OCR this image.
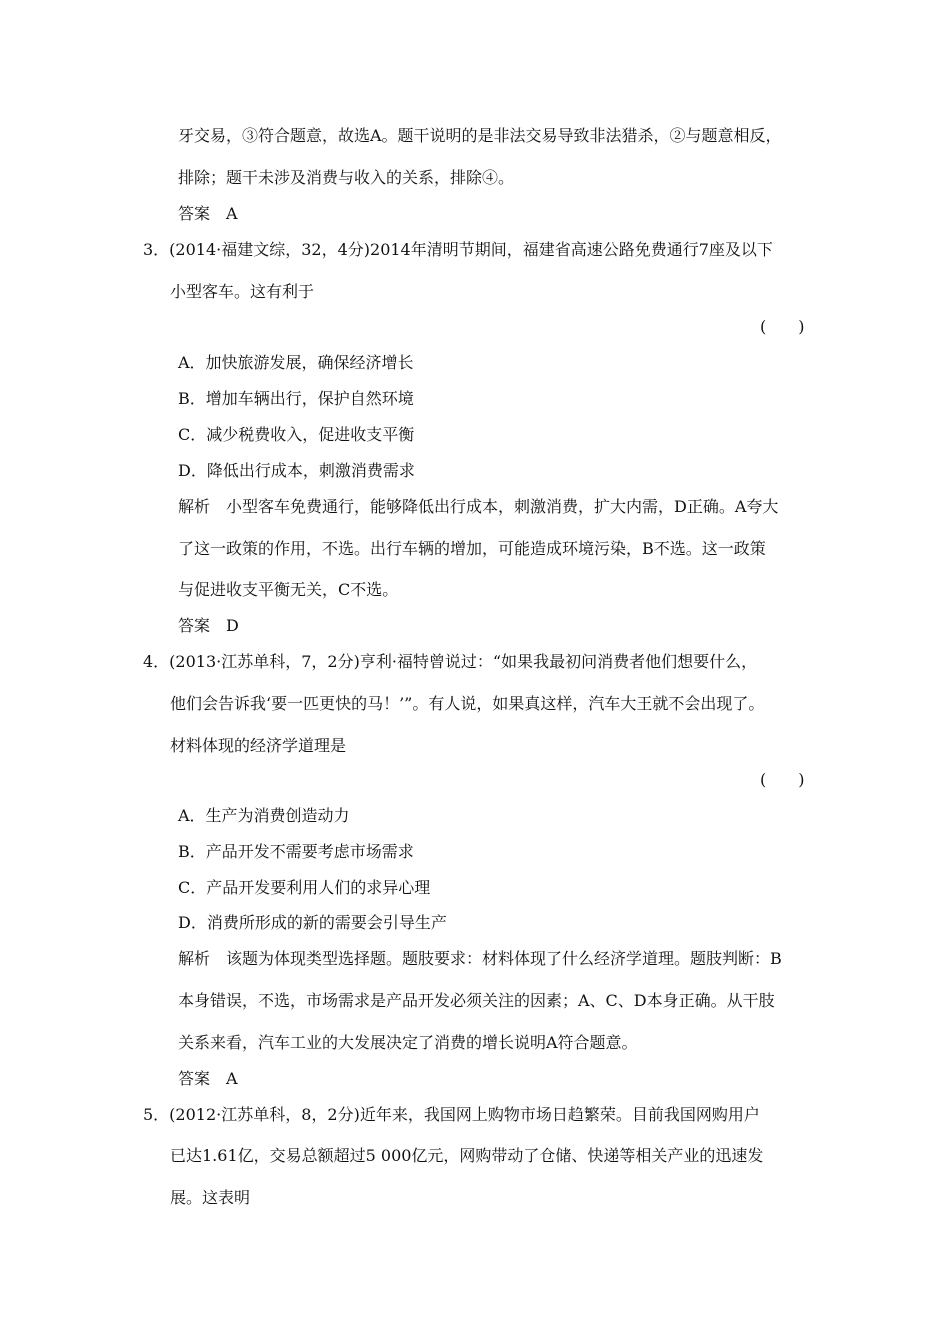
牙交易，③符合题意，故选A。题干说明的是非法交易导致非法猎杀，②与题意相反，
排除；题干未涉及消费与收入的关系，排除④。
答案　A
3．(2014·福建文综，32，4分)2014年清明节期间，福建省高速公路免费通行7座及以下
小型客车。这有利于
(　　)
A．加快旅游发展，确保经济增长
B．增加车辆出行，保护自然环境
C．减少税费收入，促进收支平衡
D．降低出行成本，刺激消费需求
解析　小型客车免费通行，能够降低出行成本，刺激消费，扩大内需，D正确。A夸大
了这一政策的作用，不选。出行车辆的增加，可能造成环境污染，B不选。这一政策
与促进收支平衡无关，C不选。
答案　D
4．(2013·江苏单科，7，2分)亨利·福特曾说过：“如果我最初问消费者他们想要什么，
他们会告诉我‘要一匹更快的马！’”。有人说，如果真这样，汽车大王就不会出现了。
材料体现的经济学道理是
(　　)
A．生产为消费创造动力
B．产品开发不需要考虑市场需求
C．产品开发要利用人们的求异心理
D．消费所形成的新的需要会引导生产
解析　该题为体现类型选择题。题肢要求：材料体现了什么经济学道理。题肢判断：B
本身错误，不选，市场需求是产品开发必须关注的因素；A、C、D本身正确。从干肢
关系来看，汽车工业的大发展决定了消费的增长说明A符合题意。
答案　A
5．(2012·江苏单科，8，2分)近年来，我国网上购物市场日趋繁荣。目前我国网购用户
已达1.61亿，交易总额超过5 000亿元，网购带动了仓储、快递等相关产业的迅速发
展。这表明
